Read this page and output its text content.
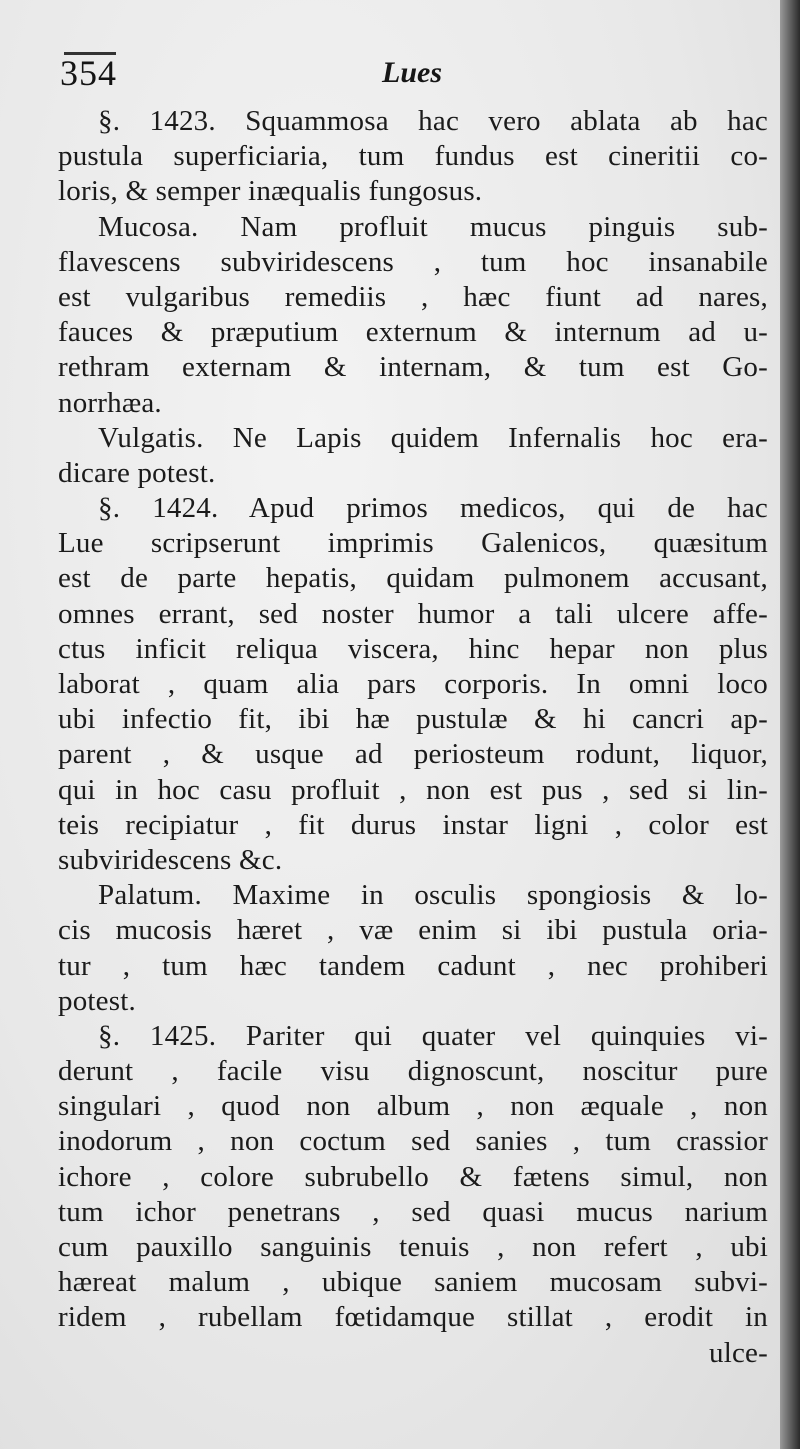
354	Lues
§. 1423. Squammosa hac vero ablata ab hac
pustula superficiaria, tum fundus est cineritii co-
loris, & semper inæqualis fungosus.
Mucosa. Nam profluit mucus pinguis sub-
flavescens subviridescens , tum hoc insanabile
est vulgaribus remediis , hæc fiunt ad nares,
fauces & præputium externum & internum ad u-
rethram externam & internam, & tum est Go-
norrhæa.
Vulgatis. Ne Lapis quidem Infernalis hoc era-
dicare potest.
§. 1424. Apud primos medicos, qui de hac
Lue scripserunt imprimis Galenicos, quæsitum
est de parte hepatis, quidam pulmonem accusant,
omnes errant, sed noster humor a tali ulcere affe-
ctus inficit reliqua viscera, hinc hepar non plus
laborat , quam alia pars corporis. In omni loco
ubi infectio fit, ibi hæ pustulæ & hi cancri ap-
parent , & usque ad periosteum rodunt, liquor,
qui in hoc casu profluit , non est pus , sed si lin-
teis recipiatur , fit durus instar ligni , color est
subviridescens &c.
Palatum. Maxime in osculis spongiosis & lo-
cis mucosis hæret , væ enim si ibi pustula oria-
tur , tum hæc tandem cadunt , nec prohiberi
potest.
§. 1425. Pariter qui quater vel quinquies vi-
derunt , facile visu dignoscunt, noscitur pure
singulari , quod non album , non æquale , non
inodorum , non coctum sed sanies , tum crassior
ichore , colore subrubello & fætens simul, non
tum ichor penetrans , sed quasi mucus narium
cum pauxillo sanguinis tenuis , non refert , ubi
hæreat malum , ubique saniem mucosam subvi-
ridem , rubellam fœtidamque stillat , erodit in
ulce-
